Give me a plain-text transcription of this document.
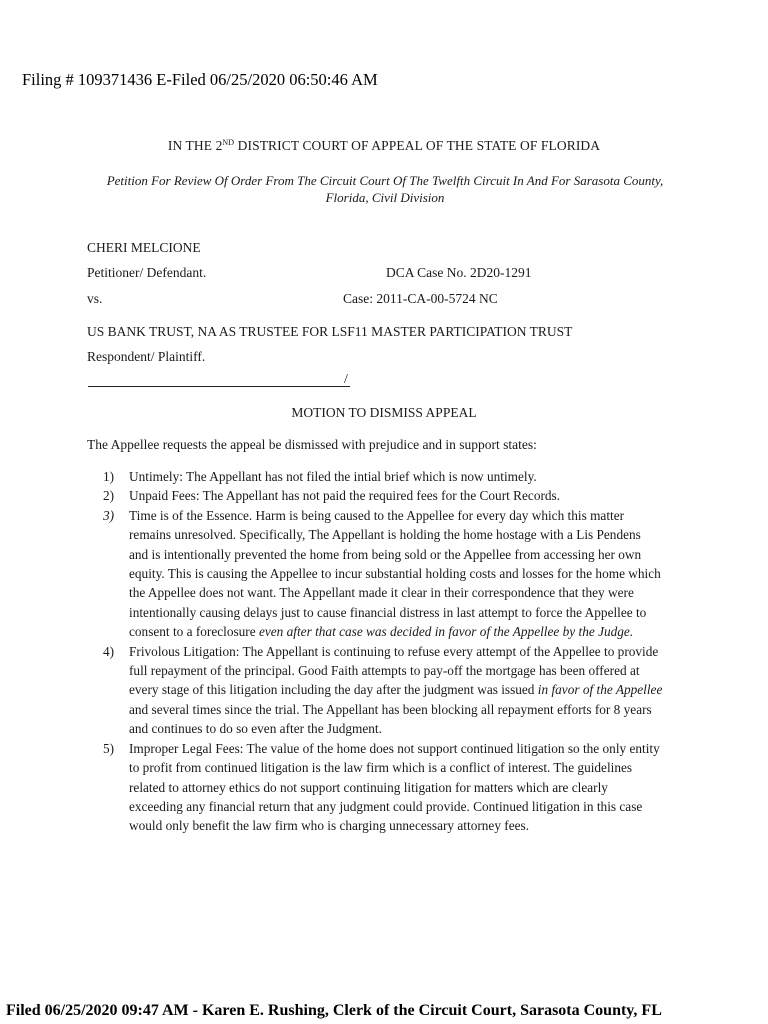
Filing # 109371436 E-Filed 06/25/2020 06:50:46 AM
IN THE 2ND DISTRICT COURT OF APPEAL OF THE STATE OF FLORIDA
Petition For Review Of Order From The Circuit Court Of The Twelfth Circuit In And For Sarasota County, Florida, Civil Division
CHERI MELCIONE
Petitioner/ Defendant.	DCA Case No. 2D20-1291
vs.	Case: 2011-CA-00-5724 NC
US BANK TRUST, NA AS TRUSTEE FOR LSF11 MASTER PARTICIPATION TRUST
Respondent/ Plaintiff.
/
MOTION TO DISMISS APPEAL
The Appellee requests the appeal be dismissed with prejudice and in support states:
1) Untimely: The Appellant has not filed the intial brief which is now untimely.
2) Unpaid Fees: The Appellant has not paid the required fees for the Court Records.
3) Time is of the Essence. Harm is being caused to the Appellee for every day which this matter remains unresolved. Specifically, The Appellant is holding the home hostage with a Lis Pendens and is intentionally prevented the home from being sold or the Appellee from accessing her own equity. This is causing the Appellee to incur substantial holding costs and losses for the home which the Appellee does not want. The Appellant made it clear in their correspondence that they were intentionally causing delays just to cause financial distress in last attempt to force the Appellee to consent to a foreclosure even after that case was decided in favor of the Appellee by the Judge.
4) Frivolous Litigation: The Appellant is continuing to refuse every attempt of the Appellee to provide full repayment of the principal. Good Faith attempts to pay-off the mortgage has been offered at every stage of this litigation including the day after the judgment was issued in favor of the Appellee and several times since the trial. The Appellant has been blocking all repayment efforts for 8 years and continues to do so even after the Judgment.
5) Improper Legal Fees: The value of the home does not support continued litigation so the only entity to profit from continued litigation is the law firm which is a conflict of interest. The guidelines related to attorney ethics do not support continuing litigation for matters which are clearly exceeding any financial return that any judgment could provide. Continued litigation in this case would only benefit the law firm who is charging unnecessary attorney fees.
Filed 06/25/2020 09:47 AM - Karen E. Rushing, Clerk of the Circuit Court, Sarasota County, FL
